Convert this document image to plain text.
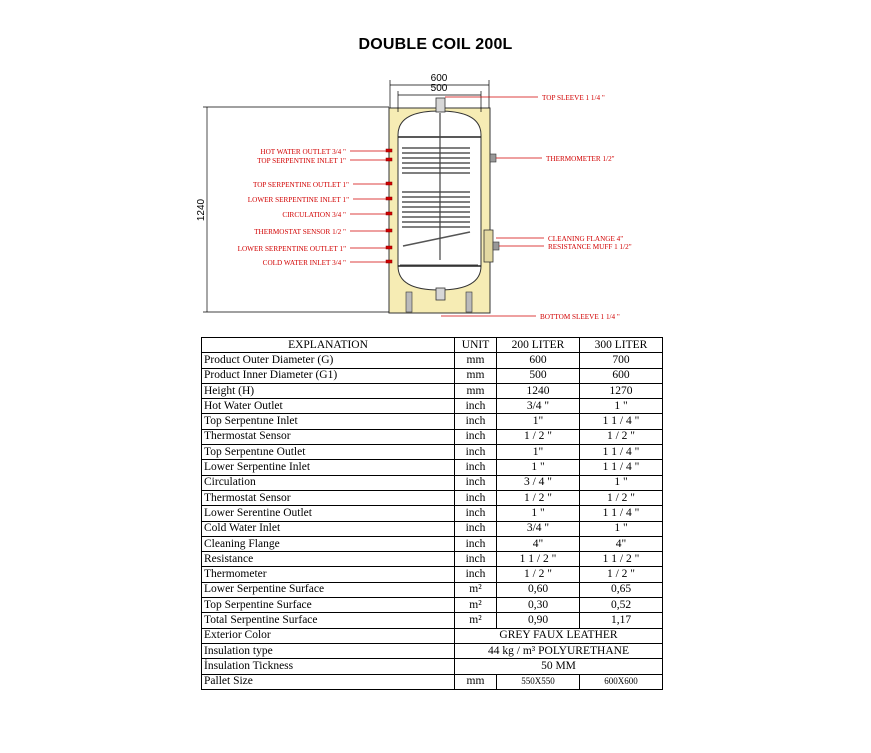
DOUBLE COIL 200L
600
500
1240
HOT WATER OUTLET 3/4 "
TOP SERPENTINE INLET 1"
TOP SERPENTINE OUTLET 1"
LOWER SERPENTINE INLET 1"
CIRCULATION 3/4 "
THERMOSTAT SENSOR 1/2 "
LOWER SERPENTINE OUTLET 1"
COLD WATER INLET 3/4 "
TOP SLEEVE 1 1/4 "
THERMOMETER 1/2"
CLEANING FLANGE 4"
RESISTANCE MUFF 1 1/2"
BOTTOM SLEEVE 1 1/4 "
EXPLANATION	UNIT	200 LITER	300 LITER
Product Outer Diameter (G)	mm	600	700
Product Inner Diameter (G1)	mm	500	600
Height (H)	mm	1240	1270
Hot Water Outlet	inch	3/4 "	1 "
Top Serpentıne Inlet	inch	1"	1 1 / 4 "
Thermostat Sensor	inch	1 / 2 "	1 / 2 "
Top Serpentıne Outlet	inch	1"	1 1 / 4 "
Lower Serpentine Inlet	inch	1 "	1 1 / 4 "
Circulation	inch	3 / 4 "	1 "
Thermostat Sensor	inch	1 / 2 "	1 / 2 "
Lower Serentine Outlet	inch	1 "	1 1 / 4 "
Cold Water Inlet	inch	3/4 "	1 "
Cleaning Flange	inch	4"	4"
Resistance	inch	1 1 / 2 "	1 1 / 2 "
Thermometer	inch	1 / 2 "	1 / 2 "
Lower Serpentine Surface	m²	0,60	0,65
Top Serpentine Surface	m²	0,30	0,52
Total Serpentine Surface	m²	0,90	1,17
Exterior Color	GREY FAUX LEATHER		
Insulation type	44 kg / m³ POLYURETHANE		
İnsulation Tickness	50 MM		
Pallet Size	mm	550X550	600X600
